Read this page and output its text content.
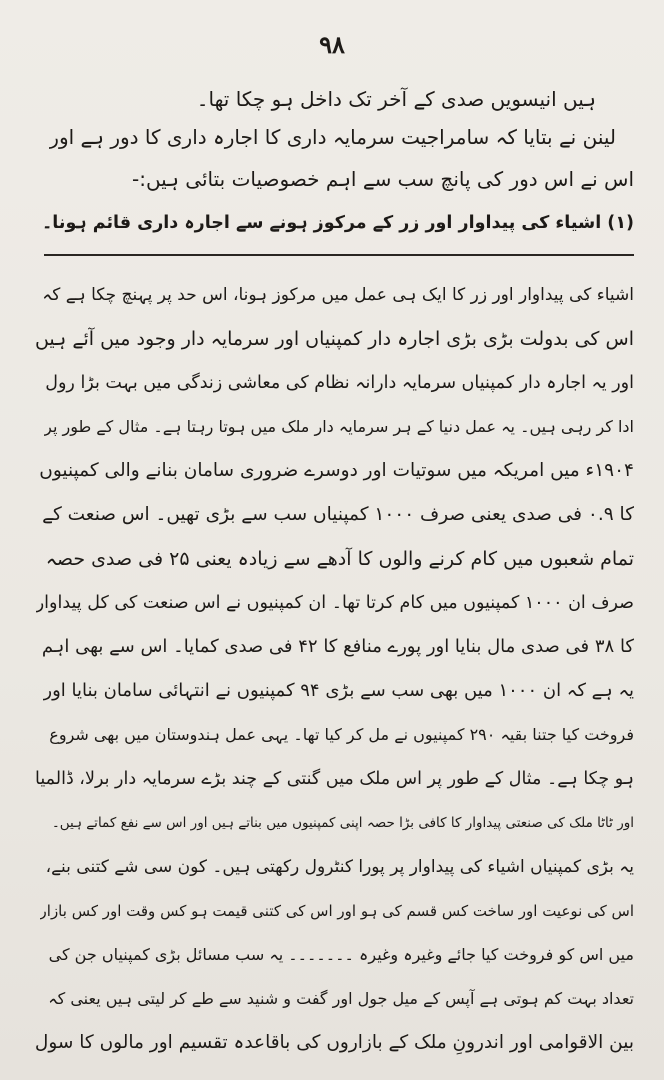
۹۸
ہیں انیسویں صدی کے آخر تک داخل ہو چکا تھا۔
لینن نے بتایا کہ سامراجیت سرمایہ داری کا اجارہ داری کا دور ہے اور
اس نے اس دور کی پانچ سب سے اہم خصوصیات بتائی ہیں:-
(۱) اشیاء کی پیداوار اور زر کے مرکوز ہونے سے اجارہ داری قائم ہونا۔
اشیاء کی پیداوار اور زر کا ایک ہی عمل میں مرکوز ہونا، اس حد پر پہنچ چکا ہے کہ
اس کی بدولت بڑی بڑی اجارہ دار کمپنیاں اور سرمایہ دار وجود میں آئے ہیں
اور یہ اجارہ دار کمپنیاں سرمایہ دارانہ نظام کی معاشی زندگی میں بہت بڑا رول
ادا کر رہی ہیں۔ یہ عمل دنیا کے ہر سرمایہ دار ملک میں ہوتا رہتا ہے۔ مثال کے طور پر
۱۹۰۴ء میں امریکہ میں سوتیات اور دوسرے ضروری سامان بنانے والی کمپنیوں
کا ۰.۹ فی صدی یعنی صرف ۱۰۰۰ کمپنیاں سب سے بڑی تھیں۔ اس صنعت کے
تمام شعبوں میں کام کرنے والوں کا آدھے سے زیادہ یعنی ۲۵ فی صدی حصہ
صرف ان ۱۰۰۰ کمپنیوں میں کام کرتا تھا۔ ان کمپنیوں نے اس صنعت کی کل پیداوار
کا ۳۸ فی صدی مال بنایا اور پورے منافع کا ۴۲ فی صدی کمایا۔ اس سے بھی اہم
یہ ہے کہ ان ۱۰۰۰ میں بھی سب سے بڑی ۹۴ کمپنیوں نے انتہائی سامان بنایا اور
فروخت کیا جتنا بقیہ ۲۹۰ کمپنیوں نے مل کر کیا تھا۔ یہی عمل ہندوستان میں بھی شروع
ہو چکا ہے۔ مثال کے طور پر اس ملک میں گنتی کے چند بڑے سرمایہ دار برلا، ڈالمیا
اور ٹاٹا ملک کی صنعتی پیداوار کا کافی بڑا حصہ اپنی کمپنیوں میں بناتے ہیں اور اس سے نفع کماتے ہیں۔
یہ بڑی کمپنیاں اشیاء کی پیداوار پر پورا کنٹرول رکھتی ہیں۔ کون سی شے کتنی بنے،
اس کی نوعیت اور ساخت کس قسم کی ہو اور اس کی کتنی قیمت ہو کس وقت اور کس بازار
میں اس کو فروخت کیا جائے وغیرہ وغیرہ ۔۔۔۔۔۔۔ یہ سب مسائل بڑی کمپنیاں جن کی
تعداد بہت کم ہوتی ہے آپس کے میل جول اور گفت و شنید سے طے کر لیتی ہیں یعنی کہ
بین الاقوامی اور اندرونِ ملک کے بازاروں کی باقاعدہ تقسیم اور مالوں کا سول
